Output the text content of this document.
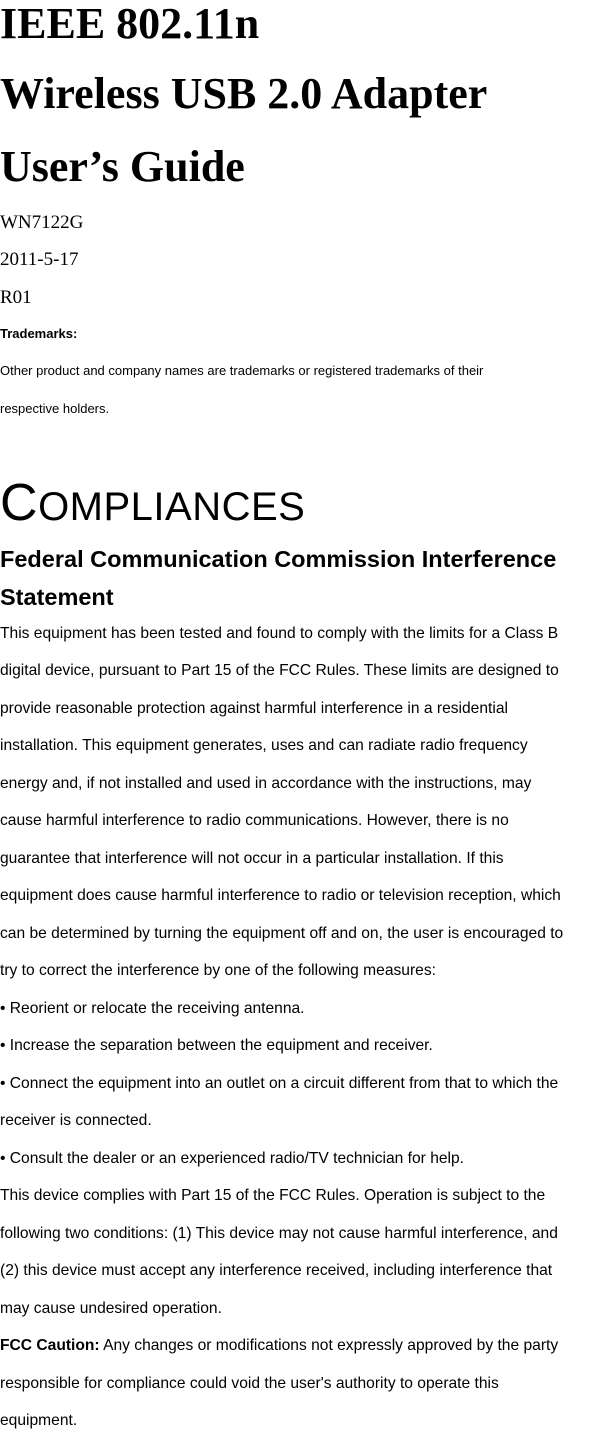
IEEE 802.11n
Wireless USB 2.0 Adapter
User’s Guide
WN7122G
2011-5-17
R01
Trademarks:
Other product and company names are trademarks or registered trademarks of their
respective holders.
COMPLIANCES
Federal Communication Commission Interference
Statement
This equipment has been tested and found to comply with the limits for a Class B
digital device, pursuant to Part 15 of the FCC Rules. These limits are designed to
provide reasonable protection against harmful interference in a residential
installation. This equipment generates, uses and can radiate radio frequency
energy and, if not installed and used in accordance with the instructions, may
cause harmful interference to radio communications. However, there is no
guarantee that interference will not occur in a particular installation. If this
equipment does cause harmful interference to radio or television reception, which
can be determined by turning the equipment off and on, the user is encouraged to
try to correct the interference by one of the following measures:
• Reorient or relocate the receiving antenna.
• Increase the separation between the equipment and receiver.
• Connect the equipment into an outlet on a circuit different from that to which the
receiver is connected.
• Consult the dealer or an experienced radio/TV technician for help.
This device complies with Part 15 of the FCC Rules. Operation is subject to the
following two conditions: (1) This device may not cause harmful interference, and
(2) this device must accept any interference received, including interference that
may cause undesired operation.
FCC Caution: Any changes or modifications not expressly approved by the party
responsible for compliance could void the user's authority to operate this
equipment.
